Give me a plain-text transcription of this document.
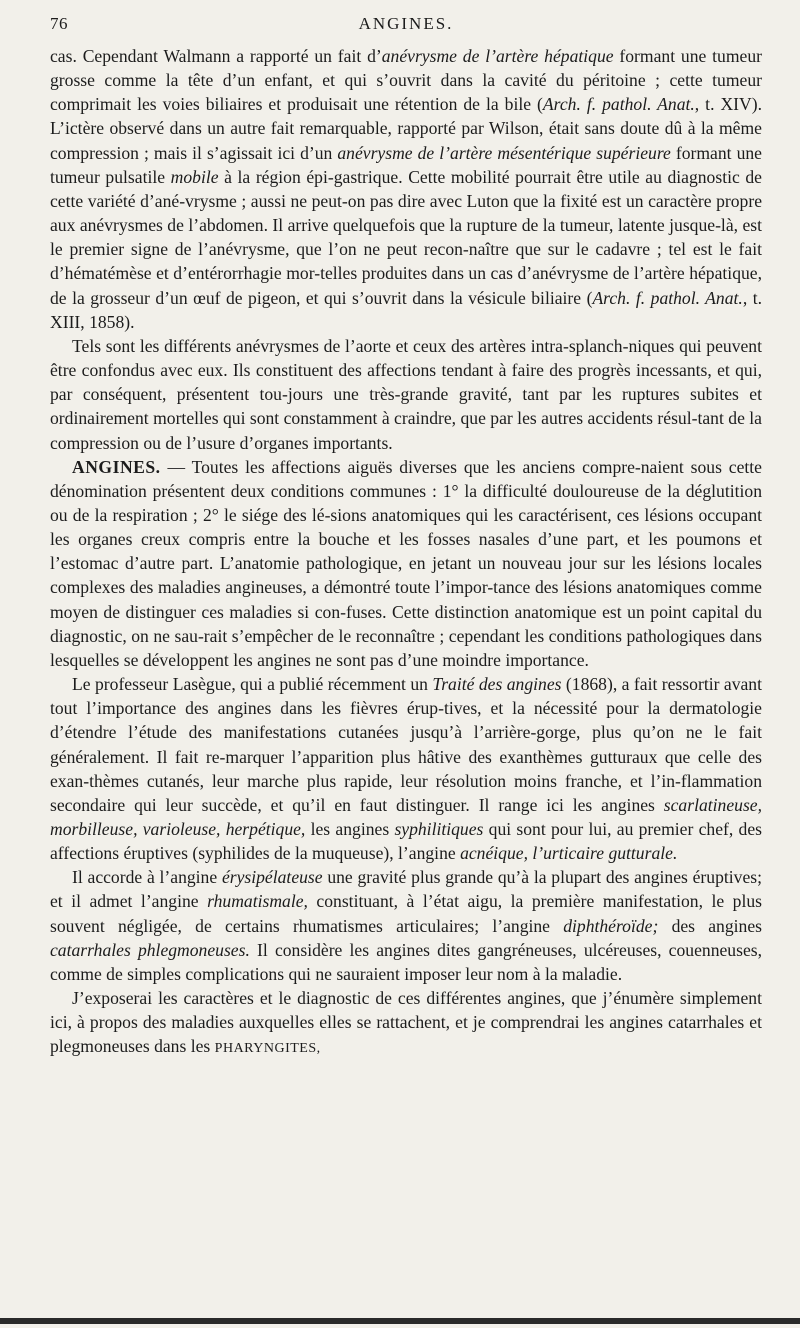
76	ANGINES.

cas. Cependant Walmann a rapporté un fait d’anévrysme de l’artère hépatique formant une tumeur grosse comme la tête d’un enfant, et qui s’ouvrit dans la cavité du péritoine ; cette tumeur comprimait les voies biliaires et produisait une rétention de la bile (Arch. f. pathol. Anat., t. XIV). L’ictère observé dans un autre fait remarquable, rapporté par Wilson, était sans doute dû à la même compression ; mais il s’agissait ici d’un anévrysme de l’artère mésentérique supérieure formant une tumeur pulsatile mobile à la région épi-gastrique. Cette mobilité pourrait être utile au diagnostic de cette variété d’ané-vrysme ; aussi ne peut-on pas dire avec Luton que la fixité est un caractère propre aux anévrysmes de l’abdomen. Il arrive quelquefois que la rupture de la tumeur, latente jusque-là, est le premier signe de l’anévrysme, que l’on ne peut recon-naître que sur le cadavre ; tel est le fait d’hématémèse et d’entérorrhagie mor-telles produites dans un cas d’anévrysme de l’artère hépatique, de la grosseur d’un œuf de pigeon, et qui s’ouvrit dans la vésicule biliaire (Arch. f. pathol. Anat., t. XIII, 1858).

Tels sont les différents anévrysmes de l’aorte et ceux des artères intra-splanch-niques qui peuvent être confondus avec eux. Ils constituent des affections tendant à faire des progrès incessants, et qui, par conséquent, présentent tou-jours une très-grande gravité, tant par les ruptures subites et ordinairement mortelles qui sont constamment à craindre, que par les autres accidents résul-tant de la compression ou de l’usure d’organes importants.

ANGINES. — Toutes les affections aiguës diverses que les anciens compre-naient sous cette dénomination présentent deux conditions communes : 1° la difficulté douloureuse de la déglutition ou de la respiration ; 2° le siége des lé-sions anatomiques qui les caractérisent, ces lésions occupant les organes creux compris entre la bouche et les fosses nasales d’une part, et les poumons et l’estomac d’autre part. L’anatomie pathologique, en jetant un nouveau jour sur les lésions locales complexes des maladies angineuses, a démontré toute l’impor-tance des lésions anatomiques comme moyen de distinguer ces maladies si con-fuses. Cette distinction anatomique est un point capital du diagnostic, on ne sau-rait s’empêcher de le reconnaître ; cependant les conditions pathologiques dans lesquelles se développent les angines ne sont pas d’une moindre importance.

Le professeur Lasègue, qui a publié récemment un Traité des angines (1868), a fait ressortir avant tout l’importance des angines dans les fièvres érup-tives, et la nécessité pour la dermatologie d’étendre l’étude des manifestations cutanées jusqu’à l’arrière-gorge, plus qu’on ne le fait généralement. Il fait re-marquer l’apparition plus hâtive des exanthèmes gutturaux que celle des exan-thèmes cutanés, leur marche plus rapide, leur résolution moins franche, et l’in-flammation secondaire qui leur succède, et qu’il en faut distinguer. Il range ici les angines scarlatineuse, morbilleuse, varioleuse, herpétique, les angines syphilitiques qui sont pour lui, au premier chef, des affections éruptives (syphilides de la muqueuse), l’angine acnéique, l’urticaire gutturale.

Il accorde à l’angine érysipélateuse une gravité plus grande qu’à la plupart des angines éruptives; et il admet l’angine rhumatismale, constituant, à l’état aigu, la première manifestation, le plus souvent négligée, de certains rhumatismes articulaires; l’angine diphthéroïde; des angines catarrhales phlegmoneuses. Il considère les angines dites gangréneuses, ulcéreuses, couenneuses, comme de simples complications qui ne sauraient imposer leur nom à la maladie.

J’exposerai les caractères et le diagnostic de ces différentes angines, que j’énumère simplement ici, à propos des maladies auxquelles elles se rattachent, et je comprendrai les angines catarrhales et plegmoneuses dans les PHARYNGITES,
